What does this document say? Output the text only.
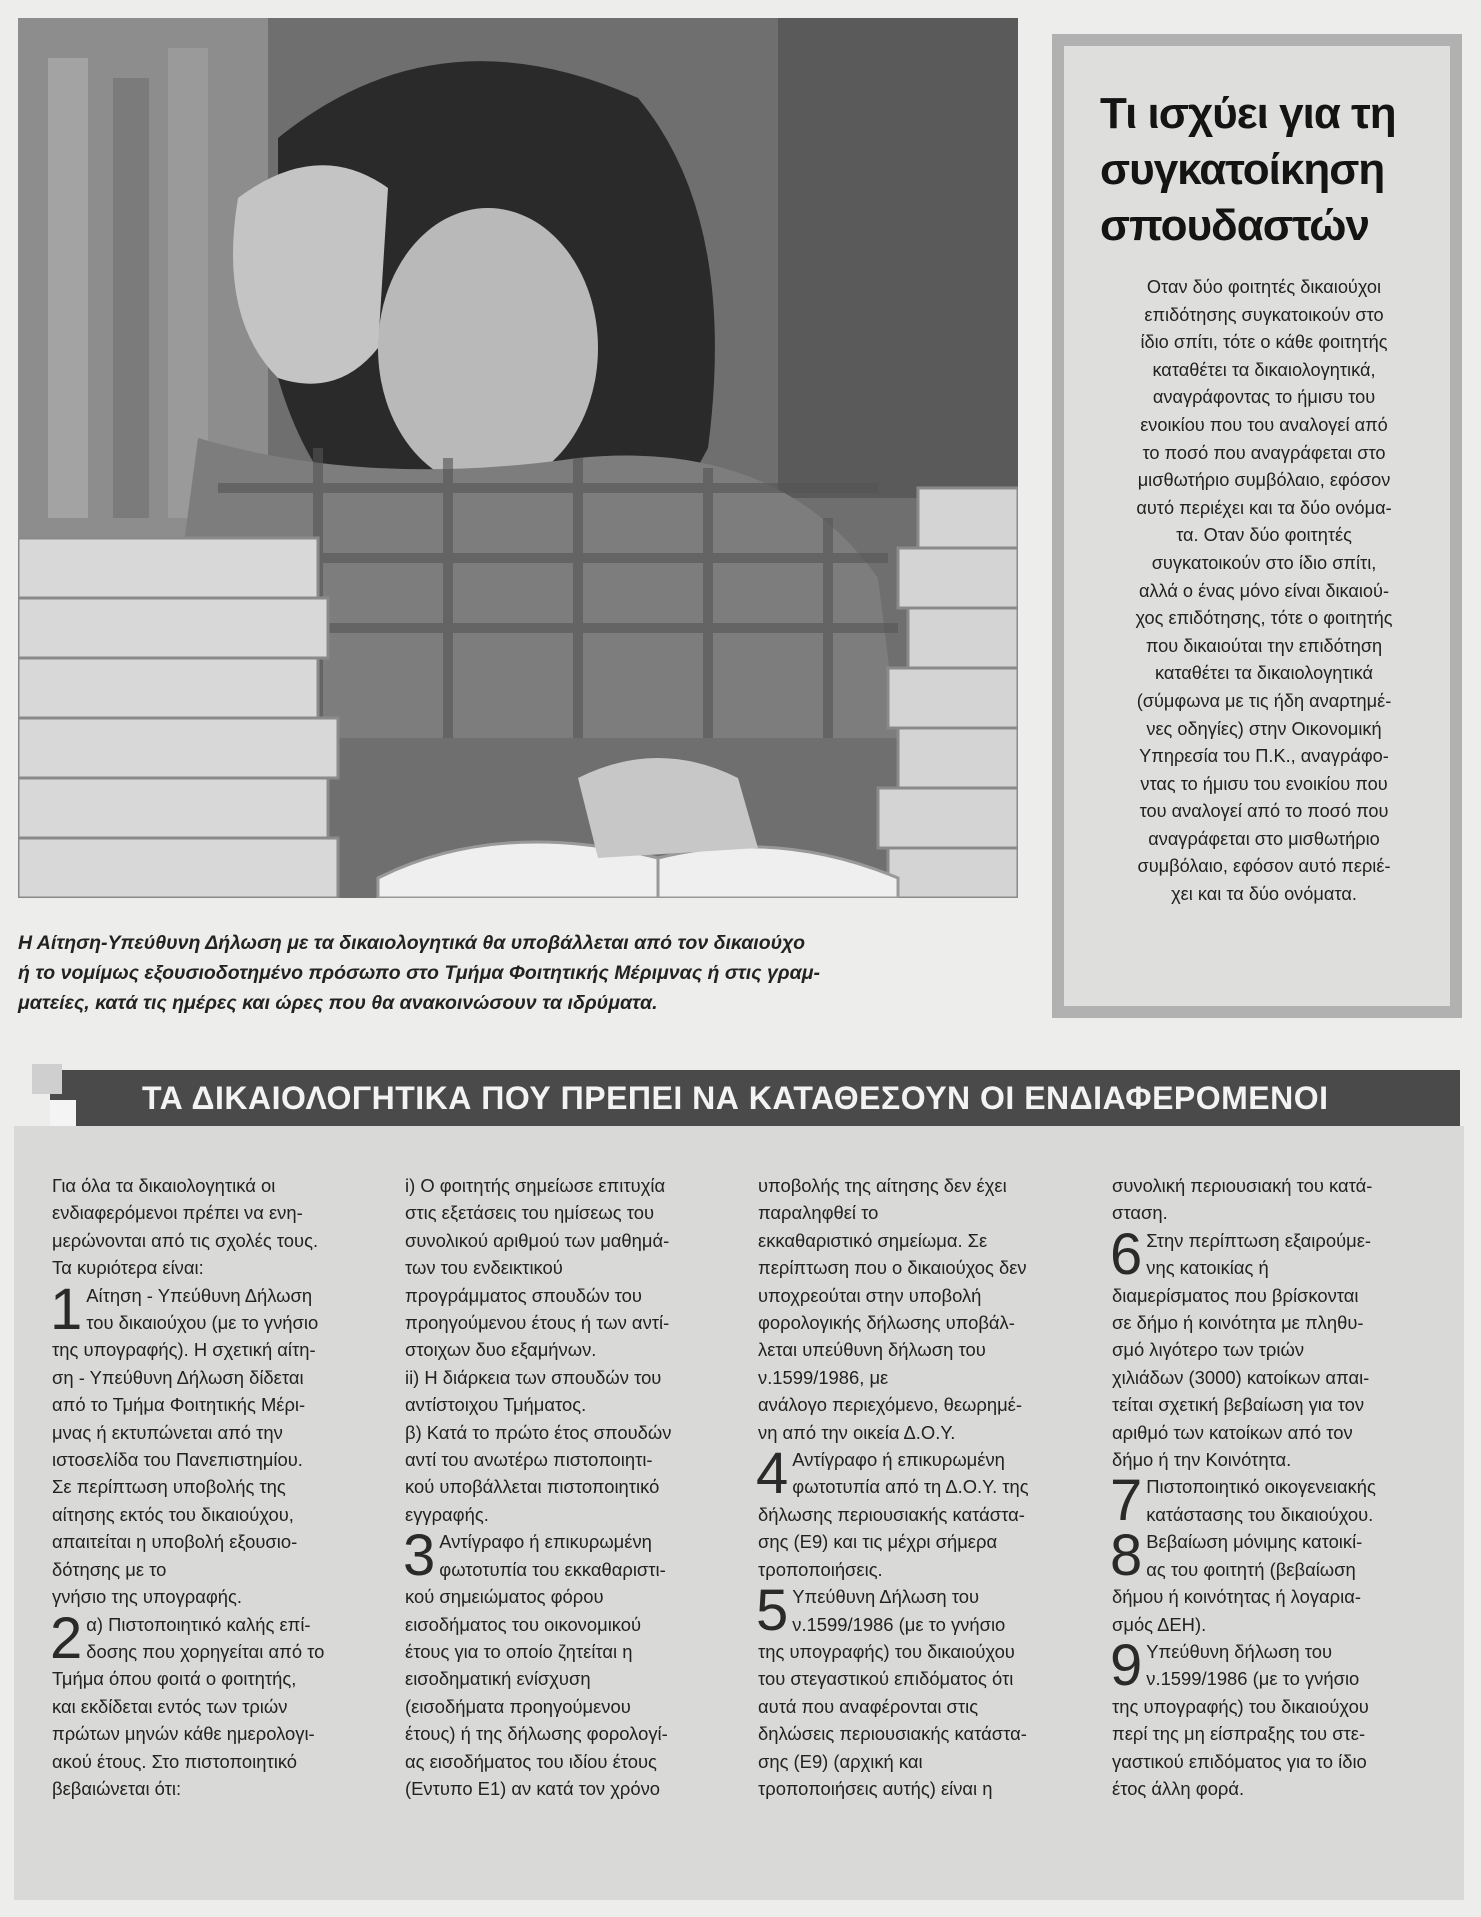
Η Αίτηση-Υπεύθυνη Δήλωση με τα δικαιολογητικά θα υποβάλλεται από τον δικαιούχο

ή το νομίμως εξουσιοδοτημένο πρόσωπο στο Τμήμα Φοιτητικής Μέριμνας ή στις γραμ-

ματείες, κατά τις ημέρες και ώρες που θα ανακοινώσουν τα ιδρύματα.

Τι ισχύει για τη
συγκατοίκηση
σπουδαστών
Οταν δύο φοιτητές δικαιούχοι
επιδότησης συγκατοικούν στο
ίδιο σπίτι, τότε ο κάθε φοιτητής
καταθέτει τα δικαιολογητικά,
αναγράφοντας το ήμισυ του
ενοικίου που του αναλογεί από
το ποσό που αναγράφεται στο
μισθωτήριο συμβόλαιο, εφόσον
αυτό περιέχει και τα δύο ονόμα-
τα. Οταν δύο φοιτητές
συγκατοικούν στο ίδιο σπίτι,
αλλά ο ένας μόνο είναι δικαιού-
χος επιδότησης, τότε ο φοιτητής
που δικαιούται την επιδότηση
καταθέτει τα δικαιολογητικά
(σύμφωνα με τις ήδη αναρτημέ-
νες οδηγίες) στην Οικονομική
Υπηρεσία του Π.Κ., αναγράφο-
ντας το ήμισυ του ενοικίου που
του αναλογεί από το ποσό που
αναγράφεται στο μισθωτήριο
συμβόλαιο, εφόσον αυτό περιέ-
χει και τα δύο ονόματα.
ΤΑ ΔΙΚΑΙΟΛΟΓΗΤΙΚΑ ΠΟΥ ΠΡΕΠΕΙ ΝΑ ΚΑΤΑΘΕΣΟΥΝ ΟΙ ΕΝΔΙΑΦΕΡΟΜΕΝΟΙ
Για όλα τα δικαιολογητικά οι
ενδιαφερόμενοι πρέπει να ενη-
μερώνονται από τις σχολές τους.
Τα κυριότερα είναι:
1 Αίτηση - Υπεύθυνη Δήλωση
του δικαιούχου (με το γνήσιο
της υπογραφής). Η σχετική αίτη-
ση - Υπεύθυνη Δήλωση δίδεται
από το Τμήμα Φοιτητικής Μέρι-
μνας ή εκτυπώνεται από την
ιστοσελίδα του Πανεπιστημίου.
Σε περίπτωση υποβολής της
αίτησης εκτός του δικαιούχου,
απαιτείται η υποβολή εξουσιο-
δότησης με το
γνήσιο της υπογραφής.
2 α) Πιστοποιητικό καλής επί-
δοσης που χορηγείται από το
Τμήμα όπου φοιτά ο φοιτητής,
και εκδίδεται εντός των τριών
πρώτων μηνών κάθε ημερολογι-
ακού έτους. Στο πιστοποιητικό
βεβαιώνεται ότι:
i) Ο φοιτητής σημείωσε επιτυχία
στις εξετάσεις του ημίσεως του
συνολικού αριθμού των μαθημά-
των του ενδεικτικού
προγράμματος σπουδών του
προηγούμενου έτους ή των αντί-
στοιχων δυο εξαμήνων.
ii) Η διάρκεια των σπουδών του
αντίστοιχου Τμήματος.
β) Κατά το πρώτο έτος σπουδών
αντί του ανωτέρω πιστοποιητι-
κού υποβάλλεται πιστοποιητικό
εγγραφής.
3 Αντίγραφο ή επικυρωμένη
φωτοτυπία του εκκαθαριστι-
κού σημειώματος φόρου
εισοδήματος του οικονομικού
έτους για το οποίο ζητείται η
εισοδηματική ενίσχυση
(εισοδήματα προηγούμενου
έτους) ή της δήλωσης φορολογί-
ας εισοδήματος του ιδίου έτους
(Εντυπο Ε1) αν κατά τον χρόνο
υποβολής της αίτησης δεν έχει
παραληφθεί το
εκκαθαριστικό σημείωμα. Σε
περίπτωση που ο δικαιούχος δεν
υποχρεούται στην υποβολή
φορολογικής δήλωσης υποβάλ-
λεται υπεύθυνη δήλωση του
ν.1599/1986, με
ανάλογο περιεχόμενο, θεωρημέ-
νη από την οικεία Δ.Ο.Υ.
4 Αντίγραφο ή επικυρωμένη
φωτοτυπία από τη Δ.Ο.Υ. της
δήλωσης περιουσιακής κατάστα-
σης (Ε9) και τις μέχρι σήμερα
τροποποιήσεις.
5 Υπεύθυνη Δήλωση του
ν.1599/1986 (με το γνήσιο
της υπογραφής) του δικαιούχου
του στεγαστικού επιδόματος ότι
αυτά που αναφέρονται στις
δηλώσεις περιουσιακής κατάστα-
σης (Ε9) (αρχική και
τροποποιήσεις αυτής) είναι η
συνολική περιουσιακή του κατά-
σταση.
6 Στην περίπτωση εξαιρούμε-
νης κατοικίας ή
διαμερίσματος που βρίσκονται
σε δήμο ή κοινότητα με πληθυ-
σμό λιγότερο των τριών
χιλιάδων (3000) κατοίκων απαι-
τείται σχετική βεβαίωση για τον
αριθμό των κατοίκων από τον
δήμο ή την Κοινότητα.
7 Πιστοποιητικό οικογενειακής
κατάστασης του δικαιούχου.
8 Βεβαίωση μόνιμης κατοικί-
ας του φοιτητή (βεβαίωση
δήμου ή κοινότητας ή λογαρια-
σμός ΔΕΗ).
9 Υπεύθυνη δήλωση του
ν.1599/1986 (με το γνήσιο
της υπογραφής) του δικαιούχου
περί της μη είσπραξης του στε-
γαστικού επιδόματος για το ίδιο
έτος άλλη φορά.
